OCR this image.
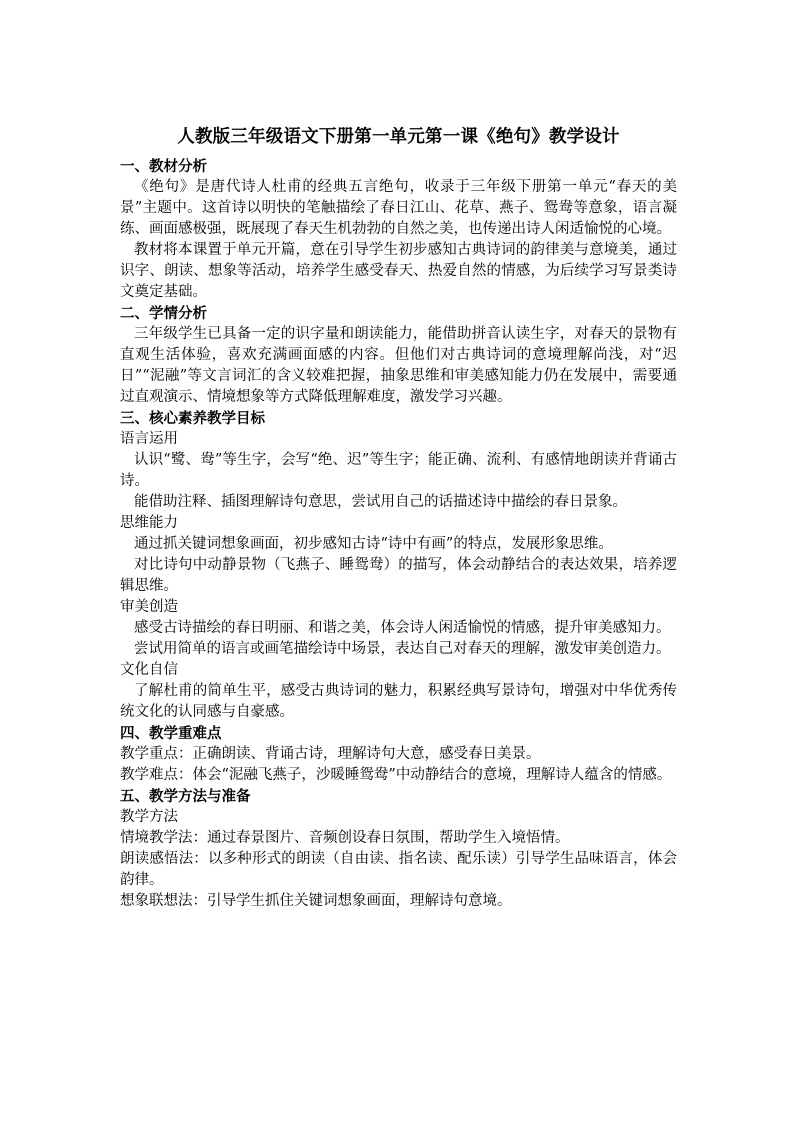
人教版三年级语文下册第一单元第一课《绝句》教学设计

一、教材分析

《绝句》是唐代诗人杜甫的经典五言绝句，收录于三年级下册第一单元“春天的美景”主题中。这首诗以明快的笔触描绘了春日江山、花草、燕子、鸳鸯等意象，语言凝练、画面感极强，既展现了春天生机勃勃的自然之美，也传递出诗人闲适愉悦的心境。

教材将本课置于单元开篇，意在引导学生初步感知古典诗词的韵律美与意境美，通过识字、朗读、想象等活动，培养学生感受春天、热爱自然的情感，为后续学习写景类诗文奠定基础。

二、学情分析

三年级学生已具备一定的识字量和朗读能力，能借助拼音认读生字，对春天的景物有直观生活体验，喜欢充满画面感的内容。但他们对古典诗词的意境理解尚浅，对“迟日”“泥融”等文言词汇的含义较难把握，抽象思维和审美感知能力仍在发展中，需要通过直观演示、情境想象等方式降低理解难度，激发学习兴趣。

三、核心素养教学目标

语言运用

认识“鹭、鸯”等生字，会写“绝、迟”等生字；能正确、流利、有感情地朗读并背诵古诗。

能借助注释、插图理解诗句意思，尝试用自己的话描述诗中描绘的春日景象。

思维能力

通过抓关键词想象画面，初步感知古诗“诗中有画”的特点，发展形象思维。

对比诗句中动静景物（飞燕子、睡鸳鸯）的描写，体会动静结合的表达效果，培养逻辑思维。

审美创造

感受古诗描绘的春日明丽、和谐之美，体会诗人闲适愉悦的情感，提升审美感知力。

尝试用简单的语言或画笔描绘诗中场景，表达自己对春天的理解，激发审美创造力。

文化自信

了解杜甫的简单生平，感受古典诗词的魅力，积累经典写景诗句，增强对中华优秀传统文化的认同感与自豪感。

四、教学重难点

教学重点：正确朗读、背诵古诗，理解诗句大意，感受春日美景。

教学难点：体会“泥融飞燕子，沙暖睡鸳鸯”中动静结合的意境，理解诗人蕴含的情感。

五、教学方法与准备

教学方法

情境教学法：通过春景图片、音频创设春日氛围，帮助学生入境悟情。

朗读感悟法：以多种形式的朗读（自由读、指名读、配乐读）引导学生品味语言，体会韵律。

想象联想法：引导学生抓住关键词想象画面，理解诗句意境。
